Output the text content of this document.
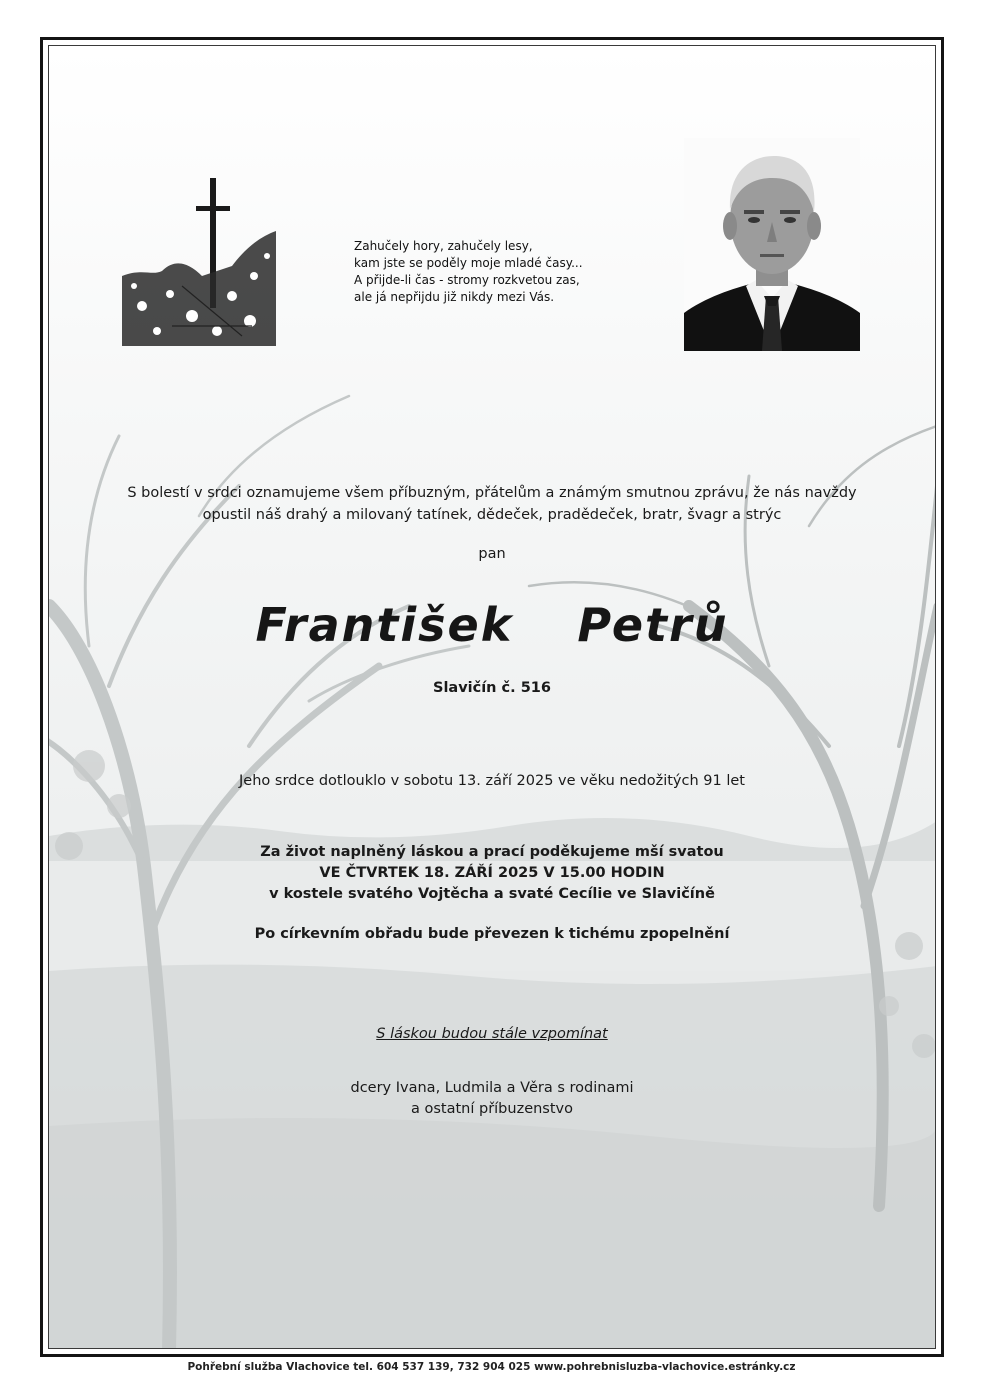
Zahučely hory, zahučely lesy,
kam jste se poděly moje mladé časy...
A přijde-li čas - stromy rozkvetou zas,
ale já nepřijdu již nikdy mezi Vás.
S bolestí v srdci oznamujeme všem příbuzným, přátelům a známým smutnou zprávu, že nás navždy
opustil náš drahý a milovaný tatínek, dědeček, pradědeček, bratr, švagr a strýc
pan
František  Petrů
Slavičín č. 516
Jeho srdce dotlouklo v sobotu 13. září 2025 ve věku nedožitých 91 let
Za život naplněný láskou a prací poděkujeme mší svatou
VE ČTVRTEK 18. ZÁŘÍ 2025 V 15.00 HODIN
v kostele svatého Vojtěcha a svaté Cecílie ve Slavičíně
Po církevním obřadu bude převezen k tichému zpopelnění
S láskou budou stále vzpomínat
dcery Ivana, Ludmila a Věra s rodinami
a ostatní příbuzenstvo
Pohřební služba Vlachovice tel. 604 537 139, 732 904 025 www.pohrebnisluzba-vlachovice.estránky.cz
